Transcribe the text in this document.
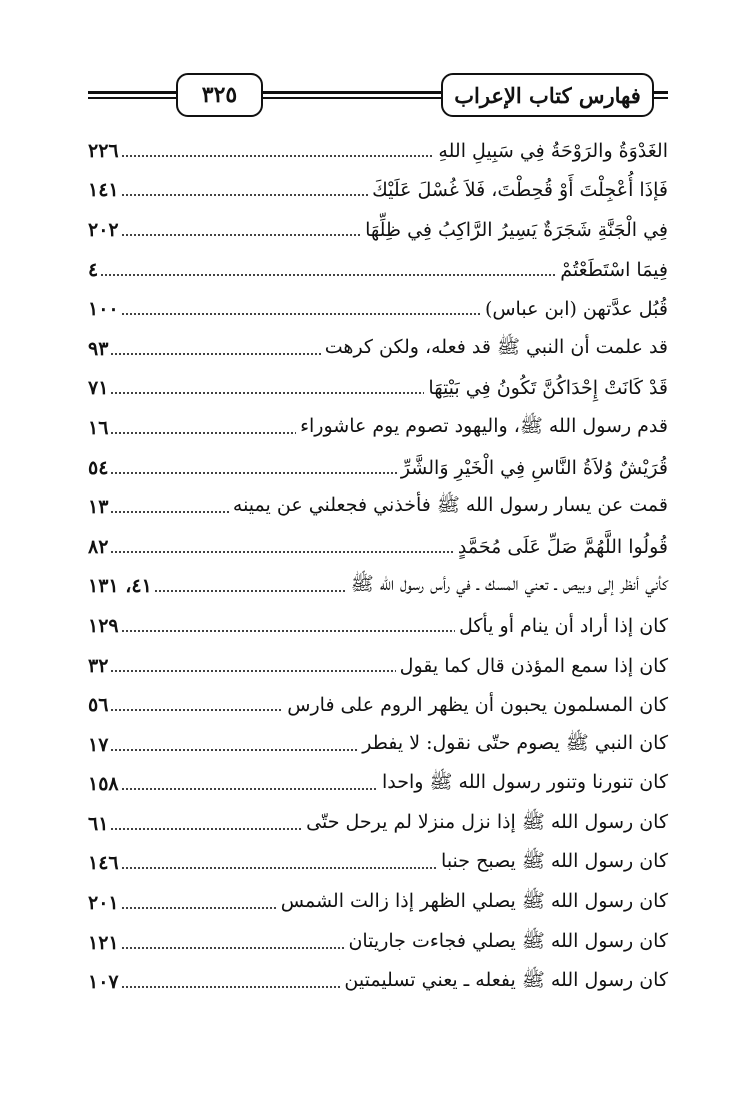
فهارس كتاب الإعراب
٣٢٥
الغَدْوَةُ والرَوْحَةُ فِي سَبِيلِ اللهِ
٢٢٦
فَإذَا أُعْجِلْتَ أَوْ قُحِطْتَ، فَلاَ غُسْلَ عَلَيْكَ
١٤١
فِي الْجَنَّةِ شَجَرَةٌ يَسِيرُ الرَّاكِبُ فِي ظِلِّهَا
٢٠٢
فِيمَا اسْتَطَعْتُمْ
٤
قُبُل عدَّتهن (ابن عباس)
١٠٠
قد علمت أن النبي ﷺ قد فعله، ولكن كرهت
٩٣
قَدْ كَانَتْ إِحْدَاكُنَّ تَكُونُ فِي بَيْتِهَا
٧١
قدم رسول الله ﷺ، واليهود تصوم يوم عاشوراء
١٦
قُرَيْشٌ وُلاَةُ النَّاسِ فِي الْخَيْرِ وَالشَّرِّ
٥٤
قمت عن يسار رسول الله ﷺ فأخذني فجعلني عن يمينه
١٣
قُولُوا اللَّهُمَّ صَلِّ عَلَى مُحَمَّدٍ
٨٢
كأني أنظر إلى وبيص ـ تعني المسك ـ في رأس رسول الله ﷺ
٤١، ١٣١
كان إذا أراد أن ينام أو يأكل
١٢٩
كان إذا سمع المؤذن قال كما يقول
٣٢
كان المسلمون يحبون أن يظهر الروم على فارس
٥٦
كان النبي ﷺ يصوم حتّى نقول: لا يفطر
١٧
كان تنورنا وتنور رسول الله ﷺ واحدا
١٥٨
كان رسول الله ﷺ إذا نزل منزلا لم يرحل حتّى
٦١
كان رسول الله ﷺ يصبح جنبا
١٤٦
كان رسول الله ﷺ يصلي الظهر إذا زالت الشمس
٢٠١
كان رسول الله ﷺ يصلي فجاءت جاريتان
١٢١
كان رسول الله ﷺ يفعله ـ يعني تسليمتين
١٠٧
